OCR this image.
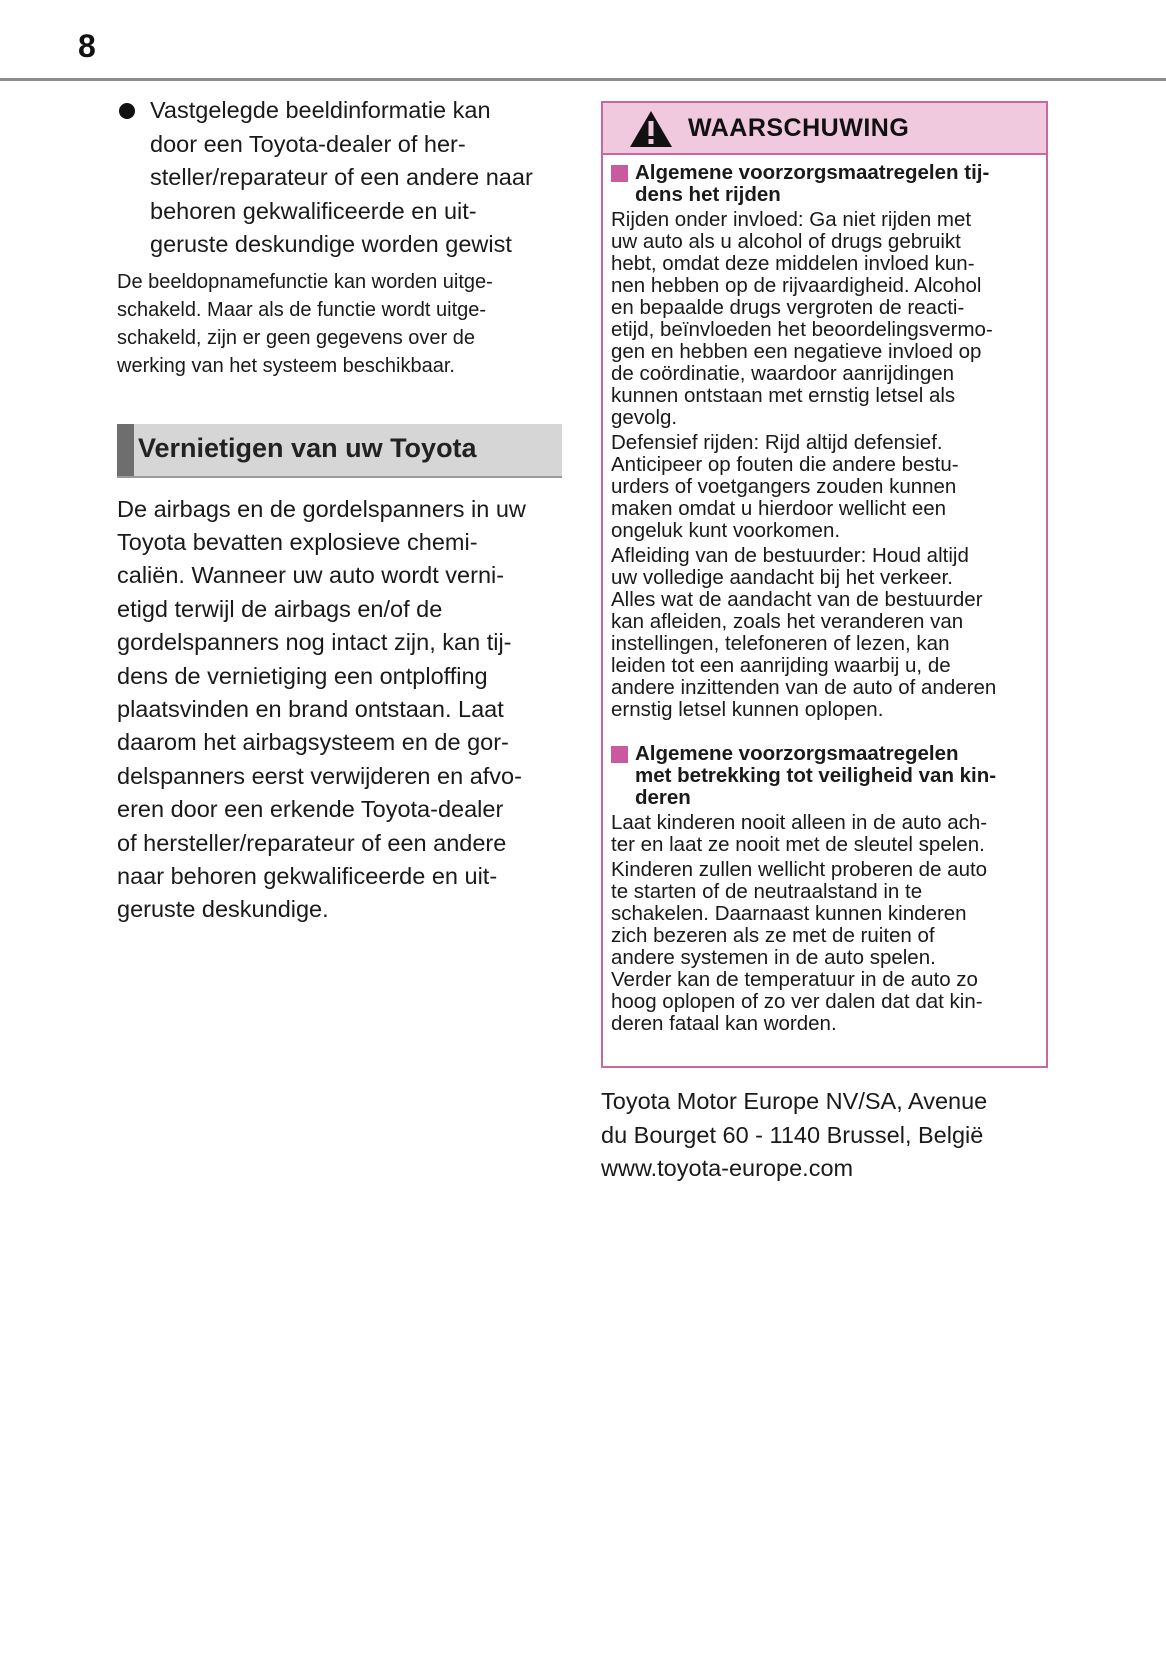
8

Vastgelegde beeldinformatie kan

door een Toyota-dealer of her-

steller/reparateur of een andere naar

behoren gekwalificeerde en uit-

geruste deskundige worden gewist

De beeldopnamefunctie kan worden uitge-

schakeld. Maar als de functie wordt uitge-

schakeld, zijn er geen gegevens over de

werking van het systeem beschikbaar.

Vernietigen van uw Toyota

De airbags en de gordelspanners in uw

Toyota bevatten explosieve chemi-

caliën. Wanneer uw auto wordt verni-

etigd terwijl de airbags en/of de

gordelspanners nog intact zijn, kan tij-

dens de vernietiging een ontploffing

plaatsvinden en brand ontstaan. Laat

daarom het airbagsysteem en de gor-

delspanners eerst verwijderen en afvo-

eren door een erkende Toyota-dealer

of hersteller/reparateur of een andere

naar behoren gekwalificeerde en uit-

geruste deskundige.

WAARSCHUWING

Algemene voorzorgsmaatregelen tij-

dens het rijden

Rijden onder invloed: Ga niet rijden met

uw auto als u alcohol of drugs gebruikt

hebt, omdat deze middelen invloed kun-

nen hebben op de rijvaardigheid. Alcohol

en bepaalde drugs vergroten de reacti-

etijd, beïnvloeden het beoordelingsvermo-

gen en hebben een negatieve invloed op

de coördinatie, waardoor aanrijdingen

kunnen ontstaan met ernstig letsel als

gevolg.

Defensief rijden: Rijd altijd defensief.

Anticipeer op fouten die andere bestu-

urders of voetgangers zouden kunnen

maken omdat u hierdoor wellicht een

ongeluk kunt voorkomen.

Afleiding van de bestuurder: Houd altijd

uw volledige aandacht bij het verkeer.

Alles wat de aandacht van de bestuurder

kan afleiden, zoals het veranderen van

instellingen, telefoneren of lezen, kan

leiden tot een aanrijding waarbij u, de

andere inzittenden van de auto of anderen

ernstig letsel kunnen oplopen.

Algemene voorzorgsmaatregelen

met betrekking tot veiligheid van kin-

deren

Laat kinderen nooit alleen in de auto ach-

ter en laat ze nooit met de sleutel spelen.

Kinderen zullen wellicht proberen de auto

te starten of de neutraalstand in te

schakelen. Daarnaast kunnen kinderen

zich bezeren als ze met de ruiten of

andere systemen in de auto spelen.

Verder kan de temperatuur in de auto zo

hoog oplopen of zo ver dalen dat dat kin-

deren fataal kan worden.

Toyota Motor Europe NV/SA, Avenue

du Bourget 60 - 1140 Brussel, België

www.toyota-europe.com
